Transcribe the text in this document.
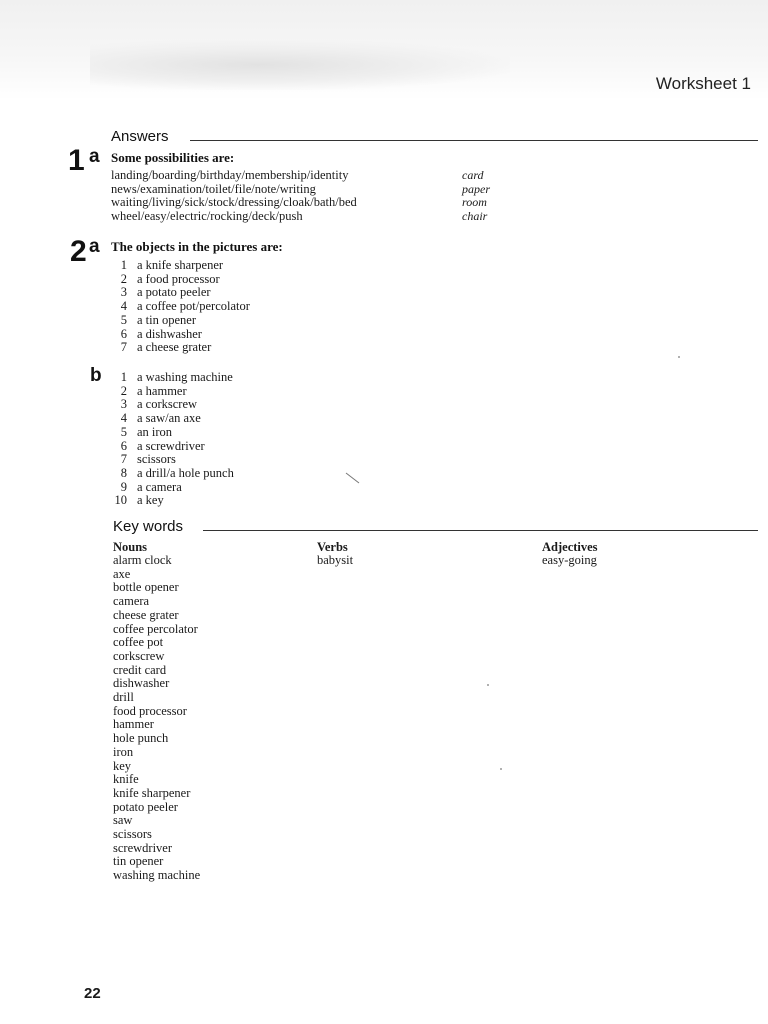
Worksheet 1
Answers
1 a Some possibilities are:
landing/boarding/birthday/membership/identity
news/examination/toilet/file/note/writing
waiting/living/sick/stock/dressing/cloak/bath/bed
wheel/easy/electric/rocking/deck/push
card
paper
room
chair
2 a The objects in the pictures are:
1 a knife sharpener
2 a food processor
3 a potato peeler
4 a coffee pot/percolator
5 a tin opener
6 a dishwasher
7 a cheese grater
b	1 a washing machine
2 a hammer
3 a corkscrew
4 a saw/an axe
5 an iron
6 a screwdriver
7 scissors
8 a drill/a hole punch
9 a camera
10 a key
Key words
Nouns
alarm clock
axe
bottle opener
camera
cheese grater
coffee percolator
coffee pot
corkscrew
credit card
dishwasher
drill
food processor
hammer
hole punch
iron
key
knife
knife sharpener
potato peeler
saw
scissors
screwdriver
tin opener
washing machine
Verbs
babysit
Adjectives
easy-going
22
